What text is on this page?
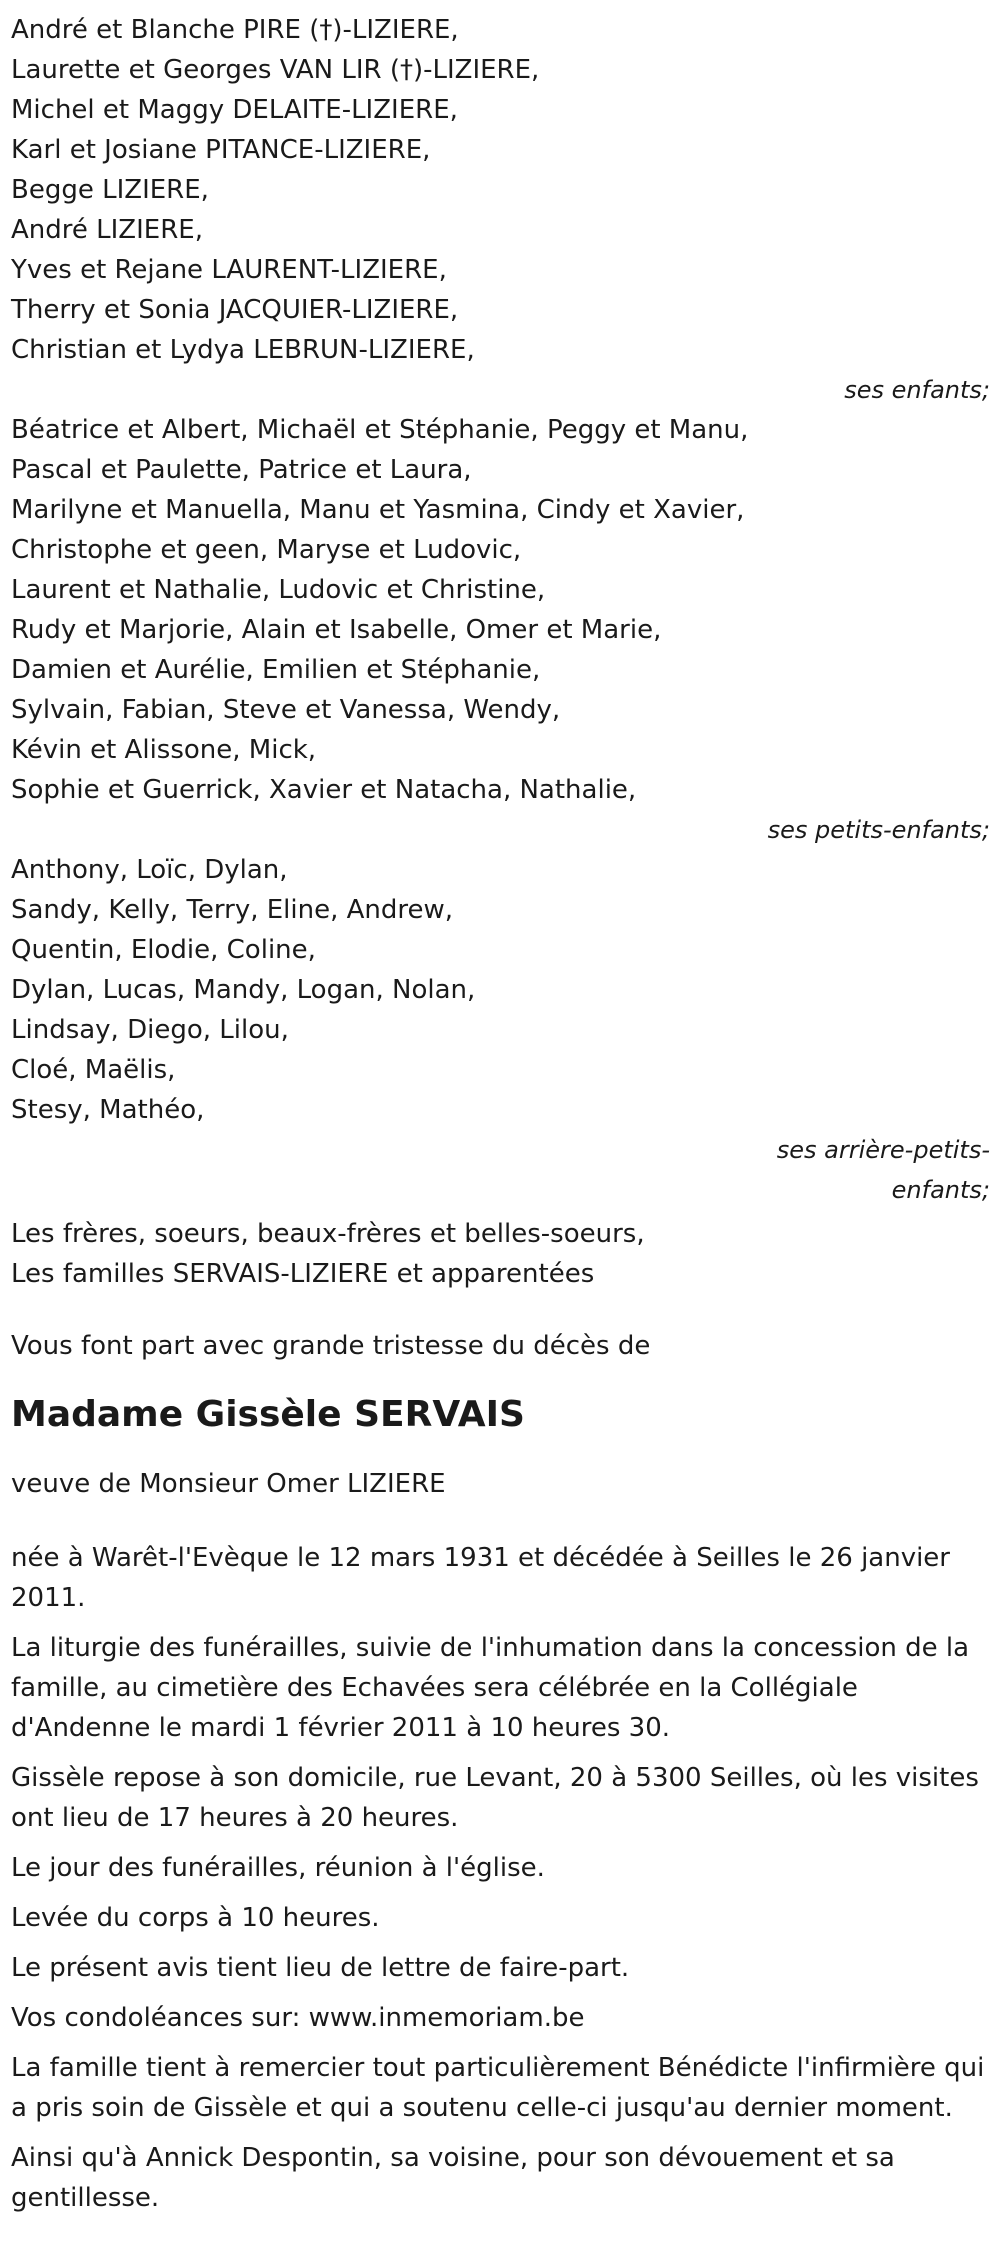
André et Blanche PIRE (†)-LIZIERE,
Laurette et Georges VAN LIR (†)-LIZIERE,
Michel et Maggy DELAITE-LIZIERE,
Karl et Josiane PITANCE-LIZIERE,
Begge LIZIERE,
André LIZIERE,
Yves et Rejane LAURENT-LIZIERE,
Therry et Sonia JACQUIER-LIZIERE,
Christian et Lydya LEBRUN-LIZIERE,
ses enfants;
Béatrice et Albert, Michaël et Stéphanie, Peggy et Manu,
Pascal et Paulette, Patrice et Laura,
Marilyne et Manuella, Manu et Yasmina, Cindy et Xavier,
Christophe et geen, Maryse et Ludovic,
Laurent et Nathalie, Ludovic et Christine,
Rudy et Marjorie, Alain et Isabelle, Omer et Marie,
Damien et Aurélie, Emilien et Stéphanie,
Sylvain, Fabian, Steve et Vanessa, Wendy,
Kévin et Alissone, Mick,
Sophie et Guerrick, Xavier et Natacha, Nathalie,
ses petits-enfants;
Anthony, Loïc, Dylan,
Sandy, Kelly, Terry, Eline, Andrew,
Quentin, Elodie, Coline,
Dylan, Lucas, Mandy, Logan, Nolan,
Lindsay, Diego, Lilou,
Cloé, Maëlis,
Stesy, Mathéo,
ses arrière-petits-
enfants;
Les frères, soeurs, beaux-frères et belles-soeurs,
Les familles SERVAIS-LIZIERE et apparentées
Vous font part avec grande tristesse du décès de
Madame Gissèle SERVAIS
veuve de Monsieur Omer LIZIERE

née à Warêt-l'Evèque le 12 mars 1931 et décédée à Seilles le 26 janvier 2011.

La liturgie des funérailles, suivie de l'inhumation dans la concession de la famille, au cimetière des Echavées sera célébrée en la Collégiale d'Andenne le mardi 1 février 2011 à 10 heures 30.

Gissèle repose à son domicile, rue Levant, 20 à 5300 Seilles, où les visites ont lieu de 17 heures à 20 heures.

Le jour des funérailles, réunion à l'église.

Levée du corps à 10 heures.

Le présent avis tient lieu de lettre de faire-part.

Vos condoléances sur: www.inmemoriam.be

La famille tient à remercier tout particulièrement Bénédicte l'infirmière qui a pris soin de Gissèle et qui a soutenu celle-ci jusqu'au dernier moment.

Ainsi qu'à Annick Despontin, sa voisine, pour son dévouement et sa gentillesse.
